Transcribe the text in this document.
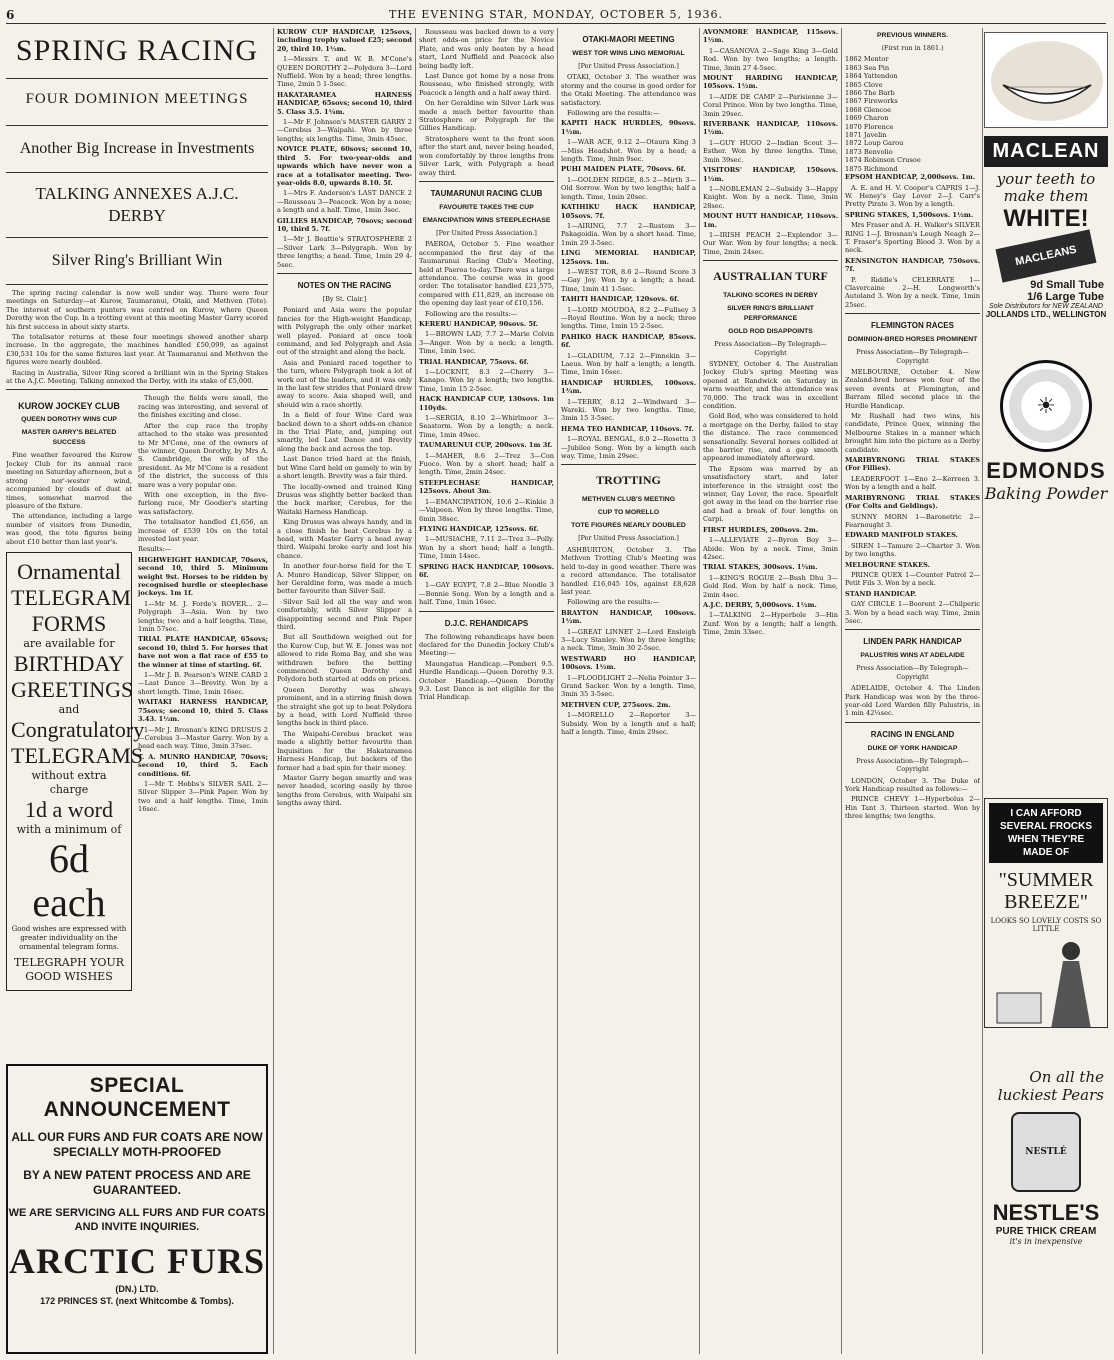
6	THE EVENING STAR, MONDAY, OCTOBER 5, 1936.
SPRING RACING
FOUR DOMINION MEETINGS
Another Big Increase in Investments
TALKING ANNEXES A.J.C. DERBY
Silver Ring's Brilliant Win

The spring racing calendar is now well under way. There were four meetings on Saturday—at Kurow, Taumaranui, Otaki, and Methven (Tote). The interest of southern punters was centred on Kurow, where Queen Dorothy won the Cup. In a trotting event at this meeting Master Garry scored his first success in about sixty starts.

The totalisator returns at these four meetings showed another sharp increase. In the aggregate, the machines handled £50,099, as against £30,531 10s for the same fixtures last year. At Taumaranui and Methven the figures were nearly doubled.

Racing in Australia, Silver Ring scored a brilliant win in the Spring Stakes at the A.J.C. Meeting. Talking annexed the Derby, with its stake of £5,000.

KUROW JOCKEY CLUB
QUEEN DOROTHY WINS CUP
MASTER GARRY'S BELATED SUCCESS

Fine weather favoured the Kurow Jockey Club for its annual race meeting on Saturday afternoon, but a strong nor'-wester wind, accompanied by clouds of dust at times, somewhat marred the pleasure of the fixture.

The attendance, including a large number of visitors from Dunedin, was good, the tote figures being about £10 better than last year's.

Ornamental TELEGRAM FORMS
are available for
BIRTHDAY GREETINGS
and
Congratulatory TELEGRAMS
without extra charge
1d a word
with a minimum of
6d each

Good wishes are expressed with greater individuality on the ornamental telegram forms.

TELEGRAPH YOUR GOOD WISHES

Though the fields were small, the racing was interesting, and several of the finishes exciting and close.

After the cup race the trophy attached to the stake was presented to Mr M'Cone, one of the owners of the winner, Queen Dorothy, by Mrs A. S. Cambridge, the wife of the president. As Mr M'Cone is a resident of the district, the success of this mare was a very popular one.

With one exception, in the five-furlong race, Mr Goodier's starting was satisfactory.

The totalisator handled £1,656, an increase of £539 10s on the total invested last year.

Results:—

HIGHWEIGHT HANDICAP, 70sovs, second 10, third 5. Minimum weight 9st. Horses to be ridden by recognised hurdle or steeplechase jockeys. 1m 1f.

1—Mr M. J. Forde's ROVER... 2—Polygraph 3—Asia. Won by two lengths; two and a half lengths. Time, 1min 57sec.

TRIAL PLATE HANDICAP, 65sovs; second 10, third 5. For horses that have not won a flat race of £55 to the winner at time of starting. 6f.

1—Mr J. B. Pearson's WINE CARD 2—Last Dance 3—Brevity. Won by a short length. Time, 1min 16sec.

WAITAKI HARNESS HANDICAP, 75sovs; second 10, third 5. Class 3.43. 1½m.

1—Mr J. Brosnan's KING DRUSUS 2—Cerebus 3—Master Garry. Won by a head each way. Time, 3min 37sec.

T. A. MUNRO HANDICAP, 70sovs; second 10, third 5. Each conditions. 6f.

1—Mr T. Hobbs's SILVER SAIL 2—Silver Slipper 3—Pink Paper. Won by two and a half lengths. Time, 1min 16sec.

SPECIAL ANNOUNCEMENT
ALL OUR FURS AND FUR COATS ARE NOW SPECIALLY MOTH-PROOFED
BY A NEW PATENT PROCESS AND ARE GUARANTEED.
WE ARE SERVICING ALL FURS AND FUR COATS AND INVITE INQUIRIES.
ARCTIC FURS
(DN.) LTD.
172 PRINCES ST. (next Whitcombe & Tombs).

KUROW CUP HANDICAP, 125sovs, including trophy valued £25; second 20, third 10. 1½m.

1—Messrs T. and W. B. M'Cone's QUEEN DOROTHY 2—Polydora 3—Lord Nuffield. Won by a head; three lengths. Time, 2min 5 1-5sec.

HAKATARAMEA HARNESS HANDICAP, 65sovs; second 10, third 5. Class 3.5. 1¼m.

1—Mr F. Johnson's MASTER GARRY 2—Cerebus 3—Waipahi. Won by three lengths; six lengths. Time, 3min 45sec.

NOVICE PLATE, 60sovs; second 10, third 5. For two-year-olds and upwards which have never won a race at a totalisator meeting. Two-year-olds 8.0, upwards 8.10. 5f.

1—Mrs F. Anderson's LAST DANCE 2—Rousseau 3—Peacock. Won by a nose; a length and a half. Time, 1min 3sec.

GILLIES HANDICAP, 70sovs; second 10, third 5. 7f.

1—Mr J. Beattie's STRATOSPHERE 2—Silver Lark 3—Polygraph. Won by three lengths; a head. Time, 1min 29 4-5sec.

NOTES ON THE RACING
[By St. Clair.]

Poniard and Asia were the popular fancies for the High-weight Handicap, with Polygraph the only other market well played. Poniard at once took command, and led Polygraph and Asia out of the straight and along the back.

Asia and Poniard raced together to the turn, where Polygraph took a lot of work out of the leaders, and it was only in the last few strides that Poniard drew away to score. Asia shaped well, and should win a race shortly.

In a field of four Wine Card was backed down to a short odds-on chance in the Trial Plate, and, jumping out smartly, led Last Dance and Brevity along the back and across the top.

Last Dance tried hard at the finish, but Wine Card held on gamely to win by a short length. Brevity was a fair third.

The locally-owned and trained King Drusus was slightly better backed than the back marker, Cerebus, for the Waitaki Harness Handicap.

King Drusus was always handy, and in a close finish he beat Cerebus by a head, with Master Garry a head away third. Waipahi broke early and lost his chance.

In another four-horse field for the T. A. Munro Handicap, Silver Slipper, on her Geraldine form, was made a much better favourite than Silver Sail.

Silver Sail led all the way and won comfortably, with Silver Slipper a disappointing second and Pink Paper third.

But all Southdown weighed out for the Kurow Cup, but W. E. Jones was not allowed to ride Roma Bay, and she was withdrawn before the betting commenced. Queen Dorothy and Polydora both started at odds on prices.

Queen Dorothy was always prominent, and in a stirring finish down the straight she got up to beat Polydora by a head, with Lord Nuffield three lengths back in third place.

The Waipahi-Cerebus bracket was made a slightly better favourite than Inquisition for the Hakataramea Harness Handicap, but backers of the former had a bad spin for their money.

Master Garry began smartly and was never headed, scoring easily by three lengths from Cerebus, with Waipahi six lengths away third.

Rousseau was backed down to a very short odds-on price for the Novice Plate, and was only beaten by a head start, Lord Nuffield and Peacock also being badly left.

Last Dance got home by a nose from Rousseau, who finished strongly, with Peacock a length and a half away third.

On her Geraldine win Silver Lark was made a much better favourite than Stratosphere or Polygraph for the Gillies Handicap.

Stratosphere went to the front soon after the start and, never being headed, won comfortably by three lengths from Silver Lark, with Polygraph a head away third.

TAUMARUNUI RACING CLUB
FAVOURITE TAKES THE CUP
EMANCIPATION WINS STEEPLECHASE
[Per United Press Association.]

PAEROA, October 5. Fine weather accompanied the first day of the Taumarunui Racing Club's Meeting, held at Paeroa to-day. There was a large attendance. The course was in good order. The totalisator handled £21,575, compared with £11,829, an increase on the opening day last year of £10,156.

Following are the results:—

KERERU HANDICAP, 90sovs. 5f.

1—BROWN LAD, 7.7 2—Marie Colvin 3—Anger. Won by a neck; a length. Time, 1min 1sec.

TRIAL HANDICAP, 75sovs. 6f.

1—LOCKNIT, 8.3 2—Cherry 3—Kanapo. Won by a length; two lengths. Time, 1min 15 2-5sec.

HACK HANDICAP CUP, 130sovs. 1m 110yds.

1—SERGIA, 8.10 2—Whirlmoor 3—Seastorm. Won by a length; a neck. Time, 1min 49sec.

TAUMARUNUI CUP, 200sovs. 1m 3f.

1—MAHER, 8.6 2—Trez 3—Con Fuoco. Won by a short head; half a length. Time, 2min 24sec.

STEEPLECHASE HANDICAP, 125sovs. About 3m.

1—EMANCIPATION, 10.6 2—Kinkie 3—Valpeen. Won by three lengths. Time, 6min 38sec.

FLYING HANDICAP, 125sovs. 6f.

1—MUSIACHE, 7.11 2—Trez 3—Polly. Won by a short head; half a length. Time, 1min 14sec.

SPRING HACK HANDICAP, 100sovs. 6f.

1—GAY EGYPT, 7.8 2—Blue Noodle 3—Bonnie Song. Won by a length and a half. Time, 1min 16sec.

D.J.C. REHANDICAPS

The following rehandicaps have been declared for the Dunedin Jockey Club's Meeting:—

Maungatua Handicap.—Pomberi 9.5. Hurdle Handicap.—Queen Dorothy 9.3. October Handicap.—Queen Dorothy 9.3. Lost Dance is not eligible for the Trial Handicap.

OTAKI-MAORI MEETING
WEST TOR WINS LING MEMORIAL
[Per United Press Association.]

OTAKI, October 3. The weather was stormy and the course in good order for the Otaki Meeting. The attendance was satisfactory.

Following are the results:—

KAPITI HACK HURDLES, 90sovs. 1½m.

1—WAR ACE, 9.12 2—Otaura King 3—Miss Headshot. Won by a head; a length. Time, 3min 9sec.

PUHI MAIDEN PLATE, 70sovs. 6f.

1—GOLDEN RIDGE, 8.5 2—Mirth 3—Old Sorrow. Won by two lengths; half a length. Time, 1min 20sec.

KATIHIKU HACK HANDICAP, 105sovs. 7f.

1—AIRING, 7.7 2—Rustem 3—Pakagoidia. Won by a short head. Time, 1min 29 3-5sec.

LING MEMORIAL HANDICAP, 125sovs. 1m.

1—WEST TOR, 8.6 2—Round Score 3—Gay Joy. Won by a length; a head. Time, 1min 41 1-5sec.

TAHITI HANDICAP, 120sovs. 6f.

1—LORD MOUDOA, 8.2 2—Fullsey 3—Royal Routine. Won by a neck; three lengths. Time, 1min 15 2-5sec.

PAHIKO HACK HANDICAP, 85sovs. 6f.

1—GLADIUM, 7.12 2—Finnekin 3—Laeus. Won by half a length; a length. Time, 1min 16sec.

HANDICAP HURDLES, 100sovs. 1¾m.

1—TERRY, 8.12 2—Windward 3—Wareki. Won by two lengths. Time, 3min 15 3-5sec.

HEMA TEO HANDICAP, 110sovs. 7f.

1—ROYAL BENGAL, 8.0 2—Rosetta 3—Jubilee Song. Won by a length each way. Time, 1min 29sec.

TROTTING
METHVEN CLUB'S MEETING
CUP TO MORELLO
TOTE FIGURES NEARLY DOUBLED
[Per United Press Association.]

ASHBURTON, October 3. The Methven Trotting Club's Meeting was held to-day in good weather. There was a record attendance. The totalisator handled £16,045 10s, against £8,628 last year.

Following are the results:—

BRAYTON HANDICAP, 100sovs. 1½m.

1—GREAT LINNET 2—Lord Ensleigh 3—Lucy Stanley. Won by three lengths; a neck. Time, 3min 30 2-5sec.

WESTWARD HO HANDICAP, 100sovs. 1½m.

1—FLOODLIGHT 2—Nelia Pointer 3—Grand Sacker. Won by a length. Time, 3min 35 3-5sec.

METHVEN CUP, 275sovs. 2m.

1—MORELLO 2—Reporter 3—Subsidy. Won by a length and a half; half a length. Time, 4min 29sec.

AVONMORE HANDICAP, 115sovs. 1½m.

1—CASANOVA 2—Sage King 3—Gold Rod. Won by two lengths; a length. Time, 3min 27 4-5sec.

MOUNT HARDING HANDICAP, 105sovs. 1½m.

1—AIDE DE CAMP 2—Parisienne 3—Coral Prince. Won by two lengths. Time, 3min 29sec.

RIVERBANK HANDICAP, 110sovs. 1½m.

1—GUY HUGO 2—Indian Scout 3—Esther. Won by three lengths. Time, 3min 39sec.

VISITORS' HANDICAP, 150sovs. 1½m.

1—NOBLEMAN 2—Subsidy 3—Happy Knight. Won by a neck. Time, 3min 28sec.

MOUNT HUTT HANDICAP, 110sovs. 1m.

1—IRISH PEACH 2—Explendor 3—Our War. Won by four lengths; a neck. Time, 2min 24sec.

AUSTRALIAN TURF
TALKING SCORES IN DERBY
SILVER RING'S BRILLIANT PERFORMANCE
GOLD ROD DISAPPOINTS
Press Association—By Telegraph—Copyright

SYDNEY, October 4. The Australian Jockey Club's spring Meeting was opened at Randwick on Saturday in warm weather, and the attendance was 70,000. The track was in excellent condition.

Gold Rod, who was considered to hold a mortgage on the Derby, failed to stay the distance. The race commenced sensationally. Several horses collided at the barrier rise, and a gap smooth appeared immediately afterward.

The Epsom was marred by an unsatisfactory start, and later interference in the straight cost the winner, Gay Lover, the race. Spearfelt got away in the lead on the barrier rise and had a break of four lengths on Carpi.

FIRST HURDLES, 200sovs. 2m.

1—ALLEVIATE 2—Byron Boy 3—Abide. Won by a neck. Time, 3min 42sec.

TRIAL STAKES, 300sovs. 1¼m.

1—KING'S ROGUE 2—Bush Dhu 3—Gold Rod. Won by half a neck. Time, 2min 4sec.

A.J.C. DERBY, 5,000sovs. 1½m.

1—TALKING 2—Hyperbole 3—Hin Zunf. Won by a length; half a length. Time, 2min 33sec.

PREVIOUS WINNERS.
(First run in 1861.)
1862 Mentor
1863 Sea Pin
1864 Yattendon
1865 Clove
1866 The Barb
1867 Fireworks
1868 Glencoe
1869 Charon
1870 Florence
1871 Javelin
1872 Loup Garou
1873 Benvolio
1874 Robinson Crusoe
1875 Richmond

EPSOM HANDICAP, 2,000sovs. 1m.

A. E. and H. V. Cooper's CAPRIS 1—J. W. Heney's Gay Lover 2—J. Carr's Pretty Pirate 3. Won by a length.

SPRING STAKES, 1,500sovs. 1½m.

Mrs Fraser and A. H. Walker's SILVER RING 1—J. Brosnan's Lough Neagh 2—T. Fraser's Sporting Blood 3. Won by a neck.

KENSINGTON HANDICAP, 750sovs. 7f.

P. Riddle's CELEBRATE 1—Clavercaine 2—H. Longworth's Autoland 3. Won by a neck. Time, 1min 25sec.

FLEMINGTON RACES
DOMINION-BRED HORSES PROMINENT
Press Association—By Telegraph—Copyright

MELBOURNE, October 4. New Zealand-bred horses won four of the seven events at Flemington, and Barram filled second place in the Hurdle Handicap.

Mr Rushall had two wins, his candidate, Prince Quex, winning the Melbourne Stakes in a manner which brought him into the picture as a Derby candidate.

MARIBYRNONG TRIAL STAKES (For Fillies).

LEADERFOOT 1—Eno 2—Kerreen 3. Won by a length and a half.

MARIBYRNONG TRIAL STAKES (For Colts and Geldings).

SUNNY MORN 1—Baronetric 2—Fearnought 3.

EDWARD MANIFOLD STAKES.

SIREN 1—Tamure 2—Charter 3. Won by two lengths.

MELBOURNE STAKES.

PRINCE QUEX 1—Counter Patrol 2—Petit Fils 3. Won by a neck.

STAND HANDICAP.

GAY CIRCLE 1—Boorent 2—Chilperic 3. Won by a head each way. Time, 2min 5sec.

LINDEN PARK HANDICAP
PALUSTRIS WINS AT ADELAIDE
Press Association—By Telegraph—Copyright

ADELAIDE, October 4. The Linden Park Handicap was won by the three-year-old Lord Warden filly Palustris, in 1 min 42¼sec.

RACING IN ENGLAND
DUKE OF YORK HANDICAP
Press Association—By Telegraph—Copyright

LONDON, October 3. The Duke of York Handicap resulted as follows:—

PRINCE CHEVY 1—Hyperbolus 2—Hin Tant 3. Thirteen started. Won by three lengths; two lengths.

MACLEAN
your teeth to make them
WHITE!
MACLEANS
9d Small Tube
1/6 Large Tube
Sole Distributors for NEW ZEALAND
JOLLANDS LTD., WELLINGTON
☀
EDMONDS
Baking Powder
I CAN AFFORD SEVERAL FROCKS WHEN THEY'RE MADE OF
"SUMMER BREEZE"
LOOKS SO LOVELY COSTS SO LITTLE
On all the luckiest Pears
NESTLÉ
NESTLE'S
PURE THICK CREAM
it's in inexpensive
